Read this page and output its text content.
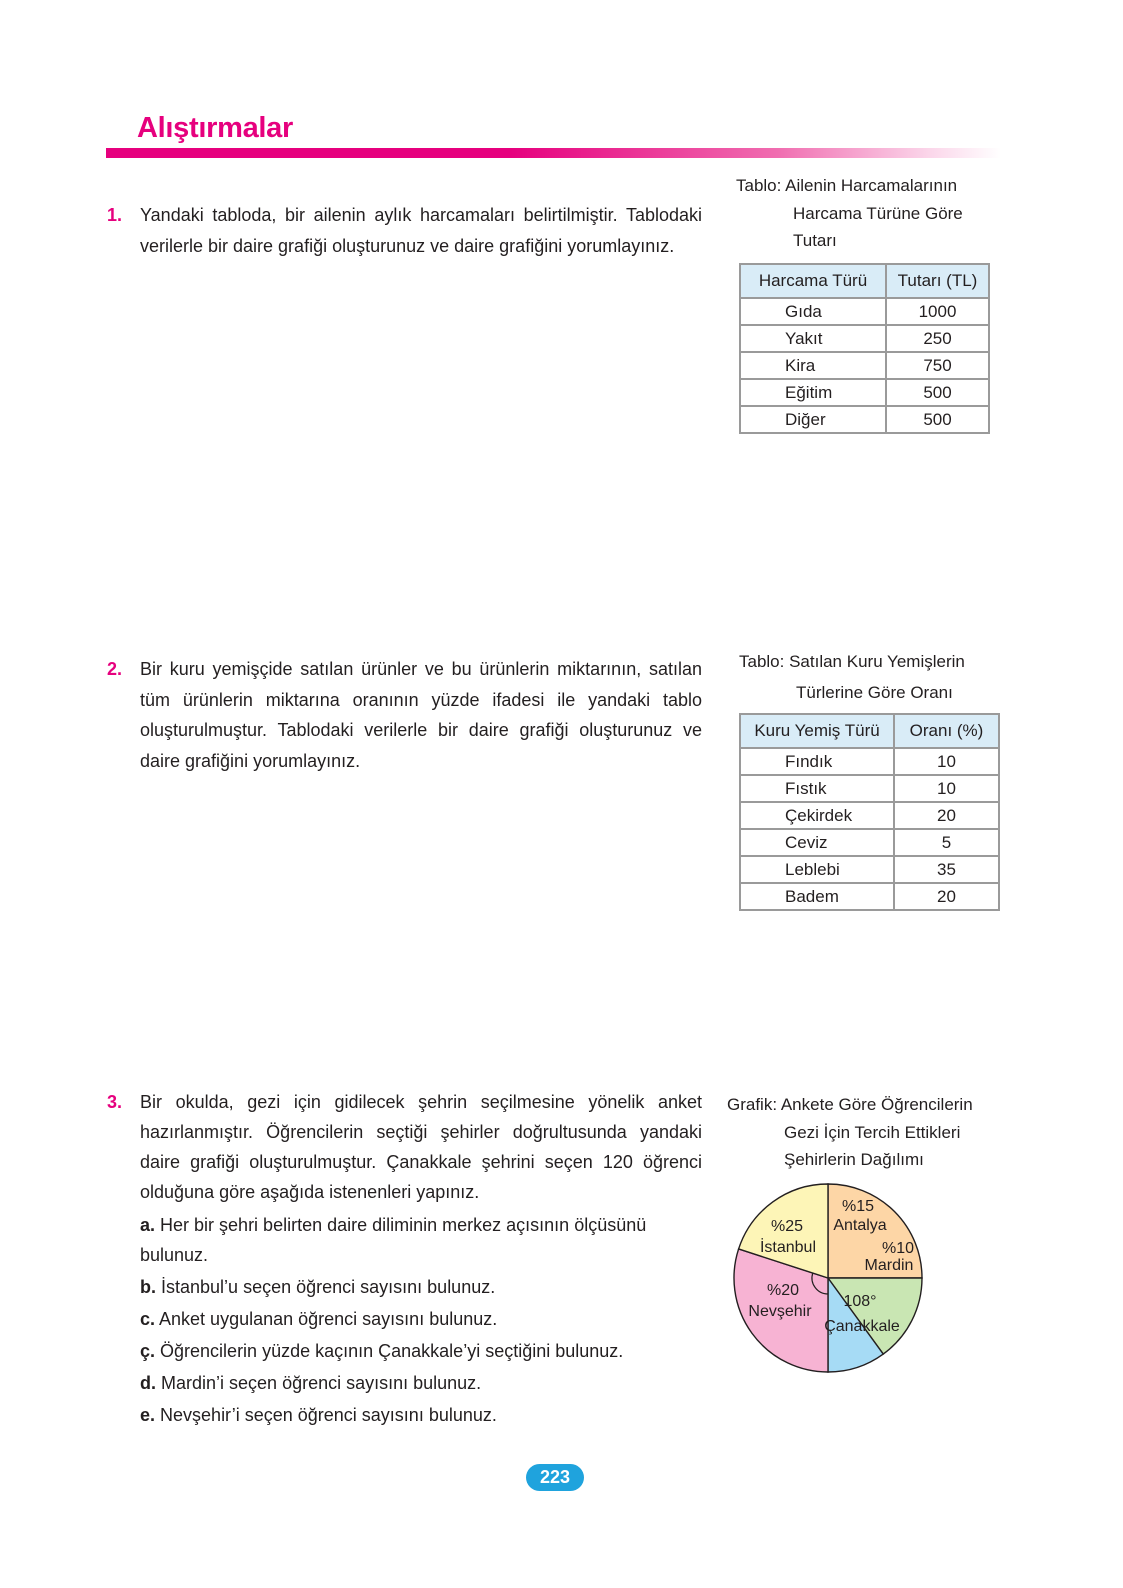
Alıştırmalar
1. Yandaki tabloda, bir ailenin aylık harcamaları belirtilmiştir. Tablodaki verilerle bir daire grafiği oluşturunuz ve daire grafiğini yorumlayınız.

Tablo: Ailenin Harcamalarının
Harcama Türüne Göre
Tutarı
Harcama Türü	Tutarı (TL)
Gıda	1000
Yakıt	250
Kira	750
Eğitim	500
Diğer	500
2. Bir kuru yemişçide satılan ürünler ve bu ürünlerin miktarının, satılan tüm ürünlerin miktarına oranının yüzde ifadesi ile yandaki tablo oluşturulmuştur. Tablodaki verilerle bir daire grafiği oluşturunuz ve daire grafiğini yorumlayınız.

Tablo: Satılan Kuru Yemişlerin
Türlerine Göre Oranı
Kuru Yemiş Türü	Oranı (%)
Fındık	10
Fıstık	10
Çekirdek	20
Ceviz	5
Leblebi	35
Badem	20
3. Bir okulda, gezi için gidilecek şehrin seçilmesine yönelik anket hazırlanmıştır. Öğrencilerin seçtiği şehirler doğrultusunda yandaki daire grafiği oluşturulmuştur. Çanakkale şehrini seçen 120 öğrenci olduğuna göre aşağıda istenenleri yapınız.

a. Her bir şehri belirten daire diliminin merkez açısının ölçüsünü bulunuz.
b. İstanbul’u seçen öğrenci sayısını bulunuz.
c. Anket uygulanan öğrenci sayısını bulunuz.
ç. Öğrencilerin yüzde kaçının Çanakkale’yi seçtiğini bulunuz.
d. Mardin’i seçen öğrenci sayısını bulunuz.
e. Nevşehir’i seçen öğrenci sayısını bulunuz.
Grafik: Ankete Göre Öğrencilerin
Gezi İçin Tercih Ettikleri
Şehirlerin Dağılımı
%25
İstanbul
%15
Antalya
%10
Mardin
Çanakkale
%20
Nevşehir
108°
223
